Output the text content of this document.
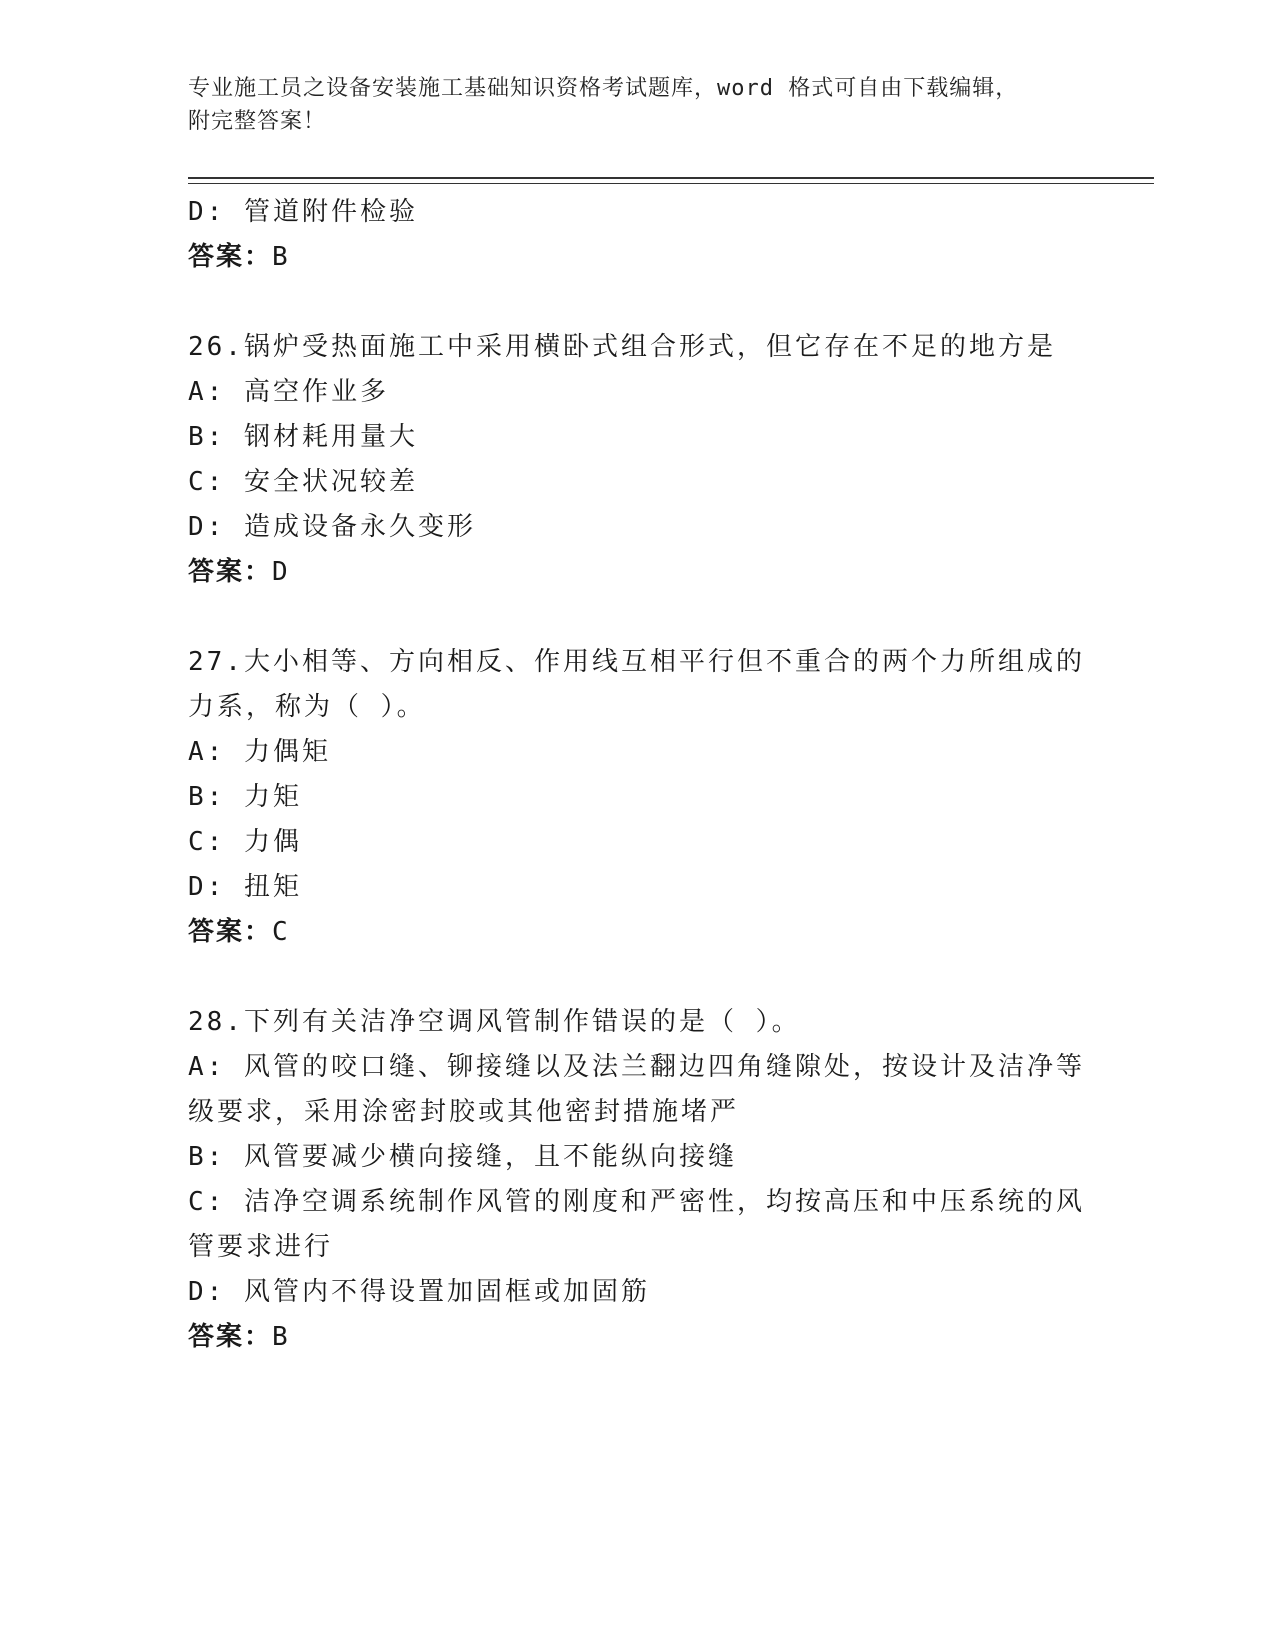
专业施工员之设备安装施工基础知识资格考试题库，word 格式可自由下载编辑，
附完整答案！
D: 管道附件检验
答案：B
26.锅炉受热面施工中采用横卧式组合形式，但它存在不足的地方是
A: 高空作业多
B: 钢材耗用量大
C: 安全状况较差
D: 造成设备永久变形
答案：D
27.大小相等、方向相反、作用线互相平行但不重合的两个力所组成的
力系，称为（ ）。
A: 力偶矩
B: 力矩
C: 力偶
D: 扭矩
答案：C
28.下列有关洁净空调风管制作错误的是（ ）。
A: 风管的咬口缝、铆接缝以及法兰翻边四角缝隙处，按设计及洁净等
级要求，采用涂密封胶或其他密封措施堵严
B: 风管要减少横向接缝，且不能纵向接缝
C: 洁净空调系统制作风管的刚度和严密性，均按高压和中压系统的风
管要求进行
D: 风管内不得设置加固框或加固筋
答案：B
